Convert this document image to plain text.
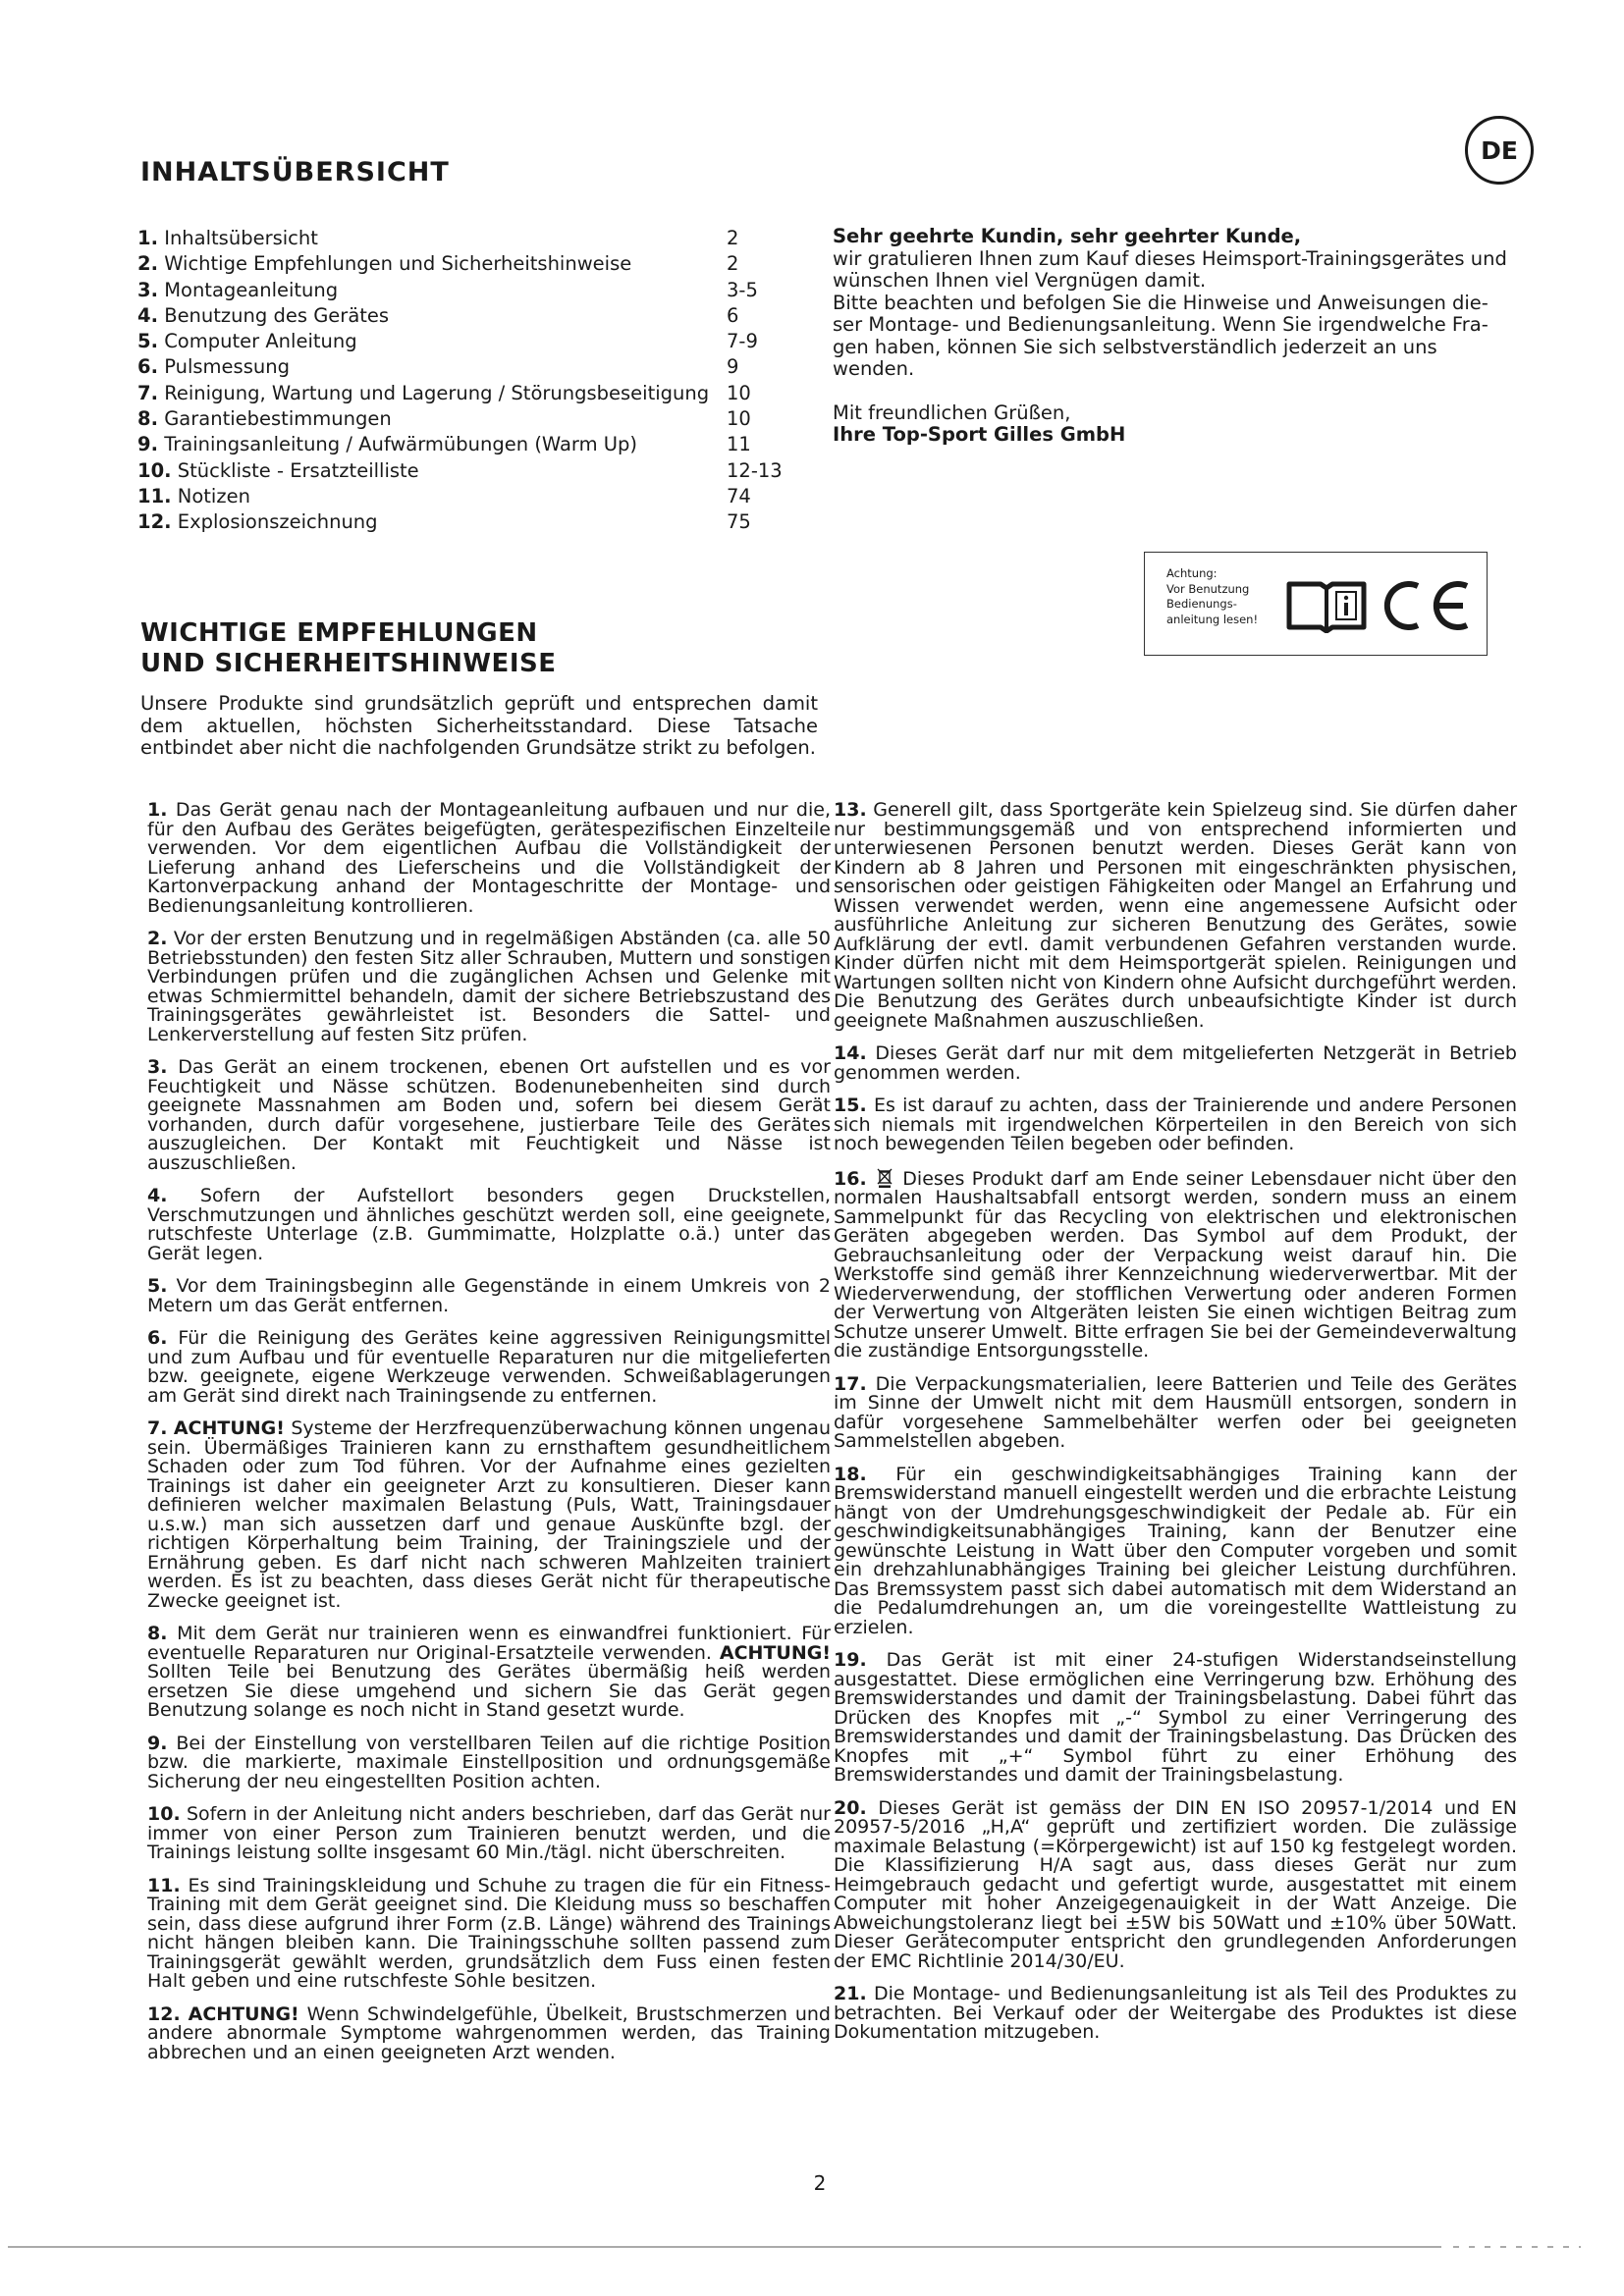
DE
INHALTSÜBERSICHT
1. Inhaltsübersicht	2
2. Wichtige Empfehlungen und Sicherheitshinweise	2
3. Montageanleitung	3-5
4. Benutzung des Gerätes	6
5. Computer Anleitung	7-9
6. Pulsmessung	9
7. Reinigung, Wartung und Lagerung / Störungsbeseitigung 10
8. Garantiebestimmungen	10
9. Trainingsanleitung / Aufwärmübungen (Warm Up)	11
10. Stückliste - Ersatzteilliste	12-13
11. Notizen	74
12. Explosionszeichnung	75

Sehr geehrte Kundin, sehr geehrter Kunde,

wir gratulieren Ihnen zum Kauf dieses Heimsport-Trainingsgerätes und

wünschen Ihnen viel Vergnügen damit.

Bitte beachten und befolgen Sie die Hinweise und Anweisungen die-

ser Montage- und Bedienungsanleitung. Wenn Sie irgendwelche Fra-

gen haben, können Sie sich selbstverständlich jederzeit an uns wenden.

Mit freundlichen Grüßen,

Ihre Top-Sport Gilles GmbH

Achtung:
Vor Benutzung
Bedienungs-
anleitung lesen!
WICHTIGE EMPFEHLUNGEN
UND SICHERHEITSHINWEISE
Unsere Produkte sind grundsätzlich geprüft und entsprechen damit dem aktuellen, höchsten Sicherheitsstandard. Diese Tatsache entbindet aber nicht die nachfolgenden Grundsätze strikt zu befolgen.

1. Das Gerät genau nach der Montageanleitung aufbauen und nur die, für den Aufbau des Gerätes beigefügten, gerätespezifischen Einzelteile verwenden. Vor dem eigentlichen Aufbau die Vollständigkeit der Lieferung anhand des Lieferscheins und die Vollständigkeit der Kartonverpackung anhand der Montageschritte der Montage- und Bedienungsanleitung kontrollieren.

2. Vor der ersten Benutzung und in regelmäßigen Abständen (ca. alle 50 Betriebsstunden) den festen Sitz aller Schrauben, Muttern und sonstigen Verbindungen prüfen und die zugänglichen Achsen und Gelenke mit etwas Schmiermittel behandeln, damit der sichere Betriebszustand des Trainingsgerätes gewährleistet ist. Besonders die Sattel- und Lenkerverstellung auf festen Sitz prüfen.

3. Das Gerät an einem trockenen, ebenen Ort aufstellen und es vor Feuchtigkeit und Nässe schützen. Bodenunebenheiten sind durch geeignete Massnahmen am Boden und, sofern bei diesem Gerät vorhanden, durch dafür vorgesehene, justierbare Teile des Gerätes auszugleichen. Der Kontakt mit Feuchtigkeit und Nässe ist auszuschließen.

4. Sofern der Aufstellort besonders gegen Druckstellen, Verschmutzungen und ähnliches geschützt werden soll, eine geeignete, rutschfeste Unterlage (z.B. Gummimatte, Holzplatte o.ä.) unter das Gerät legen.

5. Vor dem Trainingsbeginn alle Gegenstände in einem Umkreis von 2 Metern um das Gerät entfernen.

6. Für die Reinigung des Gerätes keine aggressiven Reinigungsmittel und zum Aufbau und für eventuelle Reparaturen nur die mitgelieferten bzw. geeignete, eigene Werkzeuge verwenden. Schweißablagerungen am Gerät sind direkt nach Trainingsende zu entfernen.

7. ACHTUNG! Systeme der Herzfrequenzüberwachung können ungenau sein. Übermäßiges Trainieren kann zu ernsthaftem gesundheitlichem Schaden oder zum Tod führen. Vor der Aufnahme eines gezielten Trainings ist daher ein geeigneter Arzt zu konsultieren. Dieser kann definieren welcher maximalen Belastung (Puls, Watt, Trainingsdauer u.s.w.) man sich aussetzen darf und genaue Auskünfte bzgl. der richtigen Körperhaltung beim Training, der Trainingsziele und der Ernährung geben. Es darf nicht nach schweren Mahlzeiten trainiert werden. Es ist zu beachten, dass dieses Gerät nicht für therapeutische Zwecke geeignet ist.

8. Mit dem Gerät nur trainieren wenn es einwandfrei funktioniert. Für eventuelle Reparaturen nur Original-Ersatzteile verwenden. ACHTUNG! Sollten Teile bei Benutzung des Gerätes übermäßig heiß werden ersetzen Sie diese umgehend und sichern Sie das Gerät gegen Benutzung solange es noch nicht in Stand gesetzt wurde.

9. Bei der Einstellung von verstellbaren Teilen auf die richtige Position bzw. die markierte, maximale Einstellposition und ordnungsgemäße Sicherung der neu eingestellten Position achten.

10. Sofern in der Anleitung nicht anders beschrieben, darf das Gerät nur immer von einer Person zum Trainieren benutzt werden, und die Trainings leistung sollte insgesamt 60 Min./tägl. nicht überschreiten.

11. Es sind Trainingskleidung und Schuhe zu tragen die für ein Fitness-Training mit dem Gerät geeignet sind. Die Kleidung muss so beschaffen sein, dass diese aufgrund ihrer Form (z.B. Länge) während des Trainings nicht hängen bleiben kann. Die Trainingsschuhe sollten passend zum Trainingsgerät gewählt werden, grundsätzlich dem Fuss einen festen Halt geben und eine rutschfeste Sohle besitzen.

12. ACHTUNG! Wenn Schwindelgefühle, Übelkeit, Brustschmerzen und andere abnormale Symptome wahrgenommen werden, das Training abbrechen und an einen geeigneten Arzt wenden.

13. Generell gilt, dass Sportgeräte kein Spielzeug sind. Sie dürfen daher nur bestimmungsgemäß und von entsprechend informierten und unterwiesenen Personen benutzt werden. Dieses Gerät kann von Kindern ab 8 Jahren und Personen mit eingeschränkten physischen, sensorischen oder geistigen Fähigkeiten oder Mangel an Erfahrung und Wissen verwendet werden, wenn eine angemessene Aufsicht oder ausführliche Anleitung zur sicheren Benutzung des Gerätes, sowie Aufklärung der evtl. damit verbundenen Gefahren verstanden wurde. Kinder dürfen nicht mit dem Heimsportgerät spielen. Reinigungen und Wartungen sollten nicht von Kindern ohne Aufsicht durchgeführt werden. Die Benutzung des Gerätes durch unbeaufsichtigte Kinder ist durch geeignete Maßnahmen auszuschließen.

14. Dieses Gerät darf nur mit dem mitgelieferten Netzgerät in Betrieb genommen werden.

15. Es ist darauf zu achten, dass der Trainierende und andere Personen sich niemals mit irgendwelchen Körperteilen in den Bereich von sich noch bewegenden Teilen begeben oder befinden.

16. Dieses Produkt darf am Ende seiner Lebensdauer nicht über den normalen Haushaltsabfall entsorgt werden, sondern muss an einem Sammelpunkt für das Recycling von elektrischen und elektronischen Geräten abgegeben werden. Das Symbol auf dem Produkt, der Gebrauchsanleitung oder der Verpackung weist darauf hin. Die Werkstoffe sind gemäß ihrer Kennzeichnung wiederverwertbar. Mit der Wiederverwendung, der stofflichen Verwertung oder anderen Formen der Verwertung von Altgeräten leisten Sie einen wichtigen Beitrag zum Schutze unserer Umwelt. Bitte erfragen Sie bei der Gemeindeverwaltung die zuständige Entsorgungsstelle.

17. Die Verpackungsmaterialien, leere Batterien und Teile des Gerätes im Sinne der Umwelt nicht mit dem Hausmüll entsorgen, sondern in dafür vorgesehene Sammelbehälter werfen oder bei geeigneten Sammelstellen abgeben.

18. Für ein geschwindigkeitsabhängiges Training kann der Bremswiderstand manuell eingestellt werden und die erbrachte Leistung hängt von der Umdrehungsgeschwindigkeit der Pedale ab. Für ein geschwindigkeitsunabhängiges Training, kann der Benutzer eine gewünschte Leistung in Watt über den Computer vorgeben und somit ein drehzahlunabhängiges Training bei gleicher Leistung durchführen. Das Bremssystem passt sich dabei automatisch mit dem Widerstand an die Pedalumdrehungen an, um die voreingestellte Wattleistung zu erzielen.

19. Das Gerät ist mit einer 24-stufigen Widerstandseinstellung ausgestattet. Diese ermöglichen eine Verringerung bzw. Erhöhung des Bremswiderstandes und damit der Trainingsbelastung. Dabei führt das Drücken des Knopfes mit „-“ Symbol zu einer Verringerung des Bremswiderstandes und damit der Trainingsbelastung. Das Drücken des Knopfes mit „+“ Symbol führt zu einer Erhöhung des Bremswiderstandes und damit der Trainingsbelastung.

20. Dieses Gerät ist gemäss der DIN EN ISO 20957-1/2014 und EN 20957-5/2016 „H,A“ geprüft und zertifiziert worden. Die zulässige maximale Belastung (=Körpergewicht) ist auf 150 kg festgelegt worden. Die Klassifizierung H/A sagt aus, dass dieses Gerät nur zum Heimgebrauch gedacht und gefertigt wurde, ausgestattet mit einem Computer mit hoher Anzeigegenauigkeit in der Watt Anzeige. Die Abweichungstoleranz liegt bei ±5W bis 50Watt und ±10% über 50Watt. Dieser Gerätecomputer entspricht den grundlegenden Anforderungen der EMC Richtlinie 2014/30/EU.

21. Die Montage- und Bedienungsanleitung ist als Teil des Produktes zu betrachten. Bei Verkauf oder der Weitergabe des Produktes ist diese Dokumentation mitzugeben.

2
